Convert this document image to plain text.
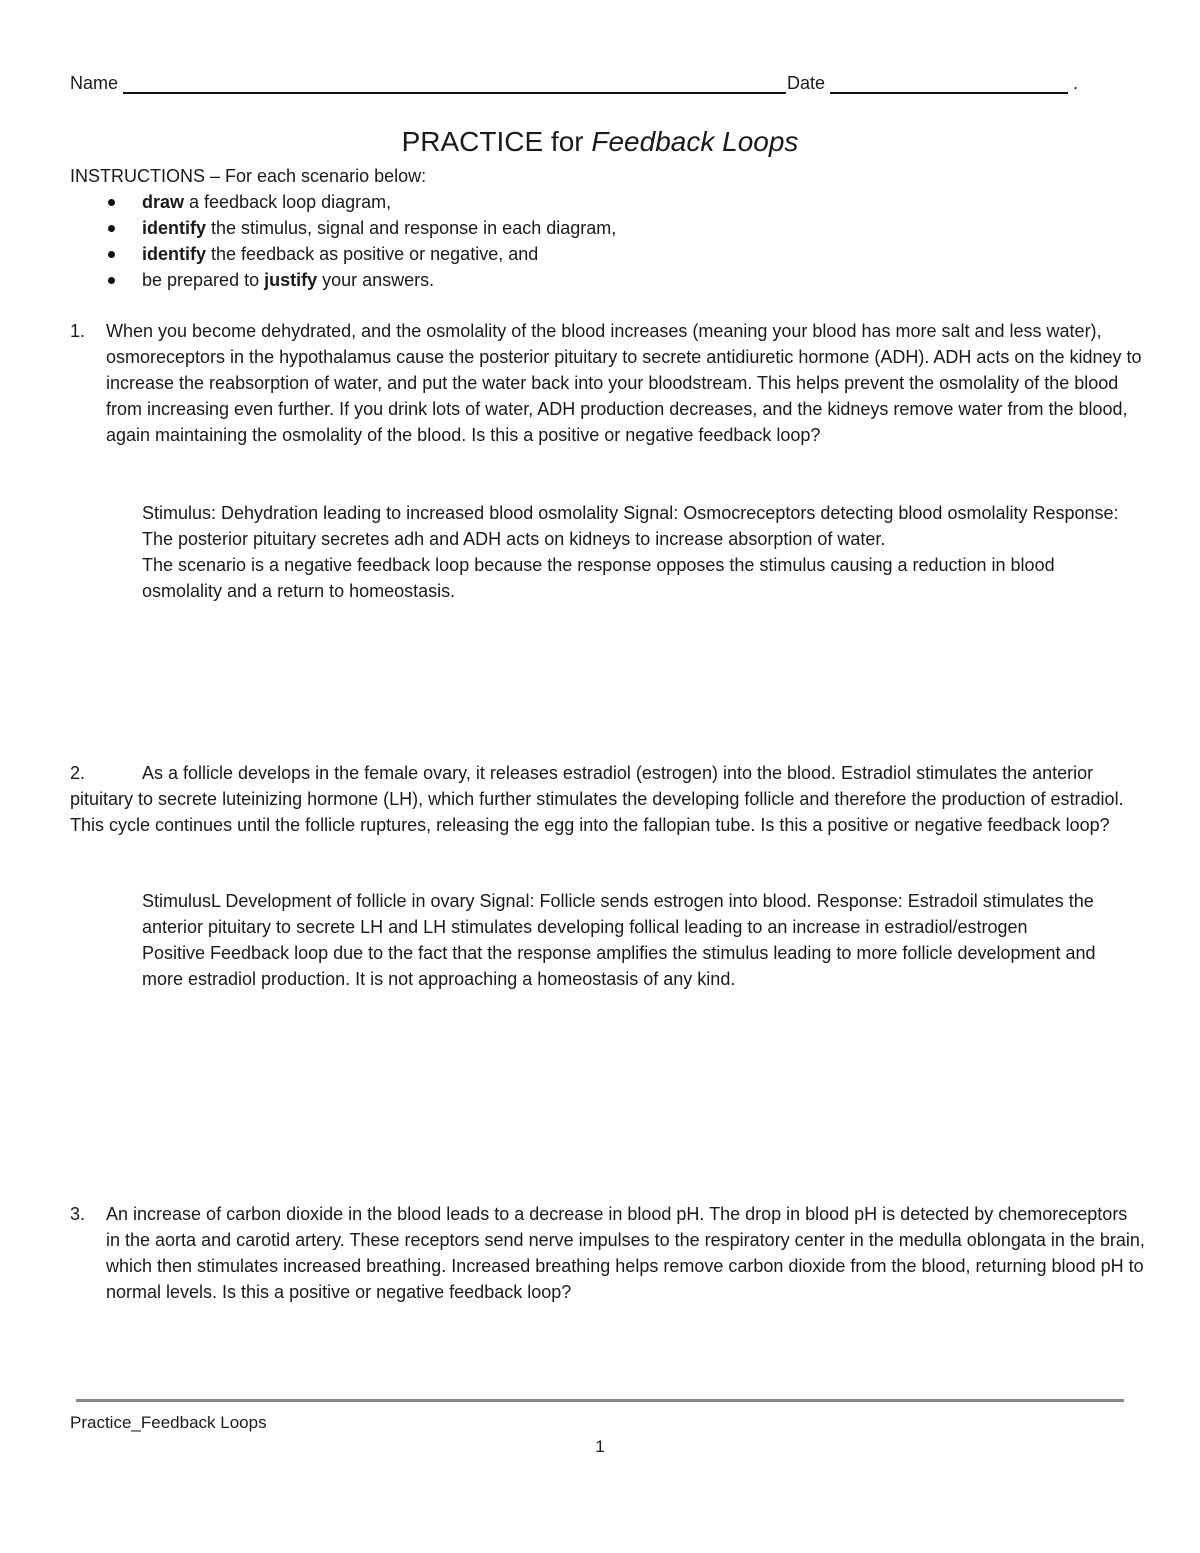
Name	Date	.
PRACTICE for Feedback Loops
INSTRUCTIONS – For each scenario below:
draw a feedback loop diagram,
identify the stimulus, signal and response in each diagram,
identify the feedback as positive or negative, and
be prepared to justify your answers.
1. When you become dehydrated, and the osmolality of the blood increases (meaning your blood has more salt and less water), osmoreceptors in the hypothalamus cause the posterior pituitary to secrete antidiuretic hormone (ADH). ADH acts on the kidney to increase the reabsorption of water, and put the water back into your bloodstream. This helps prevent the osmolality of the blood from increasing even further. If you drink lots of water, ADH production decreases, and the kidneys remove water from the blood, again maintaining the osmolality of the blood. Is this a positive or negative feedback loop?

Stimulus: Dehydration leading to increased blood osmolality Signal: Osmocreceptors detecting blood osmolality Response: The posterior pituitary secretes adh and ADH acts on kidneys to increase absorption of water.

The scenario is a negative feedback loop because the response opposes the stimulus causing a reduction in blood osmolality and a return to homeostasis.

2.	As a follicle develops in the female ovary, it releases estradiol (estrogen) into the blood. Estradiol stimulates the anterior pituitary to secrete luteinizing hormone (LH), which further stimulates the developing follicle and therefore the production of estradiol. This cycle continues until the follicle ruptures, releasing the egg into the fallopian tube. Is this a positive or negative feedback loop?

StimulusL Development of follicle in ovary Signal: Follicle sends estrogen into blood. Response: Estradoil stimulates the anterior pituitary to secrete LH and LH stimulates developing follical leading to an increase in estradiol/estrogen

Positive Feedback loop due to the fact that the response amplifies the stimulus leading to more follicle development and more estradiol production. It is not approaching a homeostasis of any kind.

3. An increase of carbon dioxide in the blood leads to a decrease in blood pH. The drop in blood pH is detected by chemoreceptors in the aorta and carotid artery. These receptors send nerve impulses to the respiratory center in the medulla oblongata in the brain, which then stimulates increased breathing. Increased breathing helps remove carbon dioxide from the blood, returning blood pH to normal levels. Is this a positive or negative feedback loop?
Practice_Feedback Loops
1
